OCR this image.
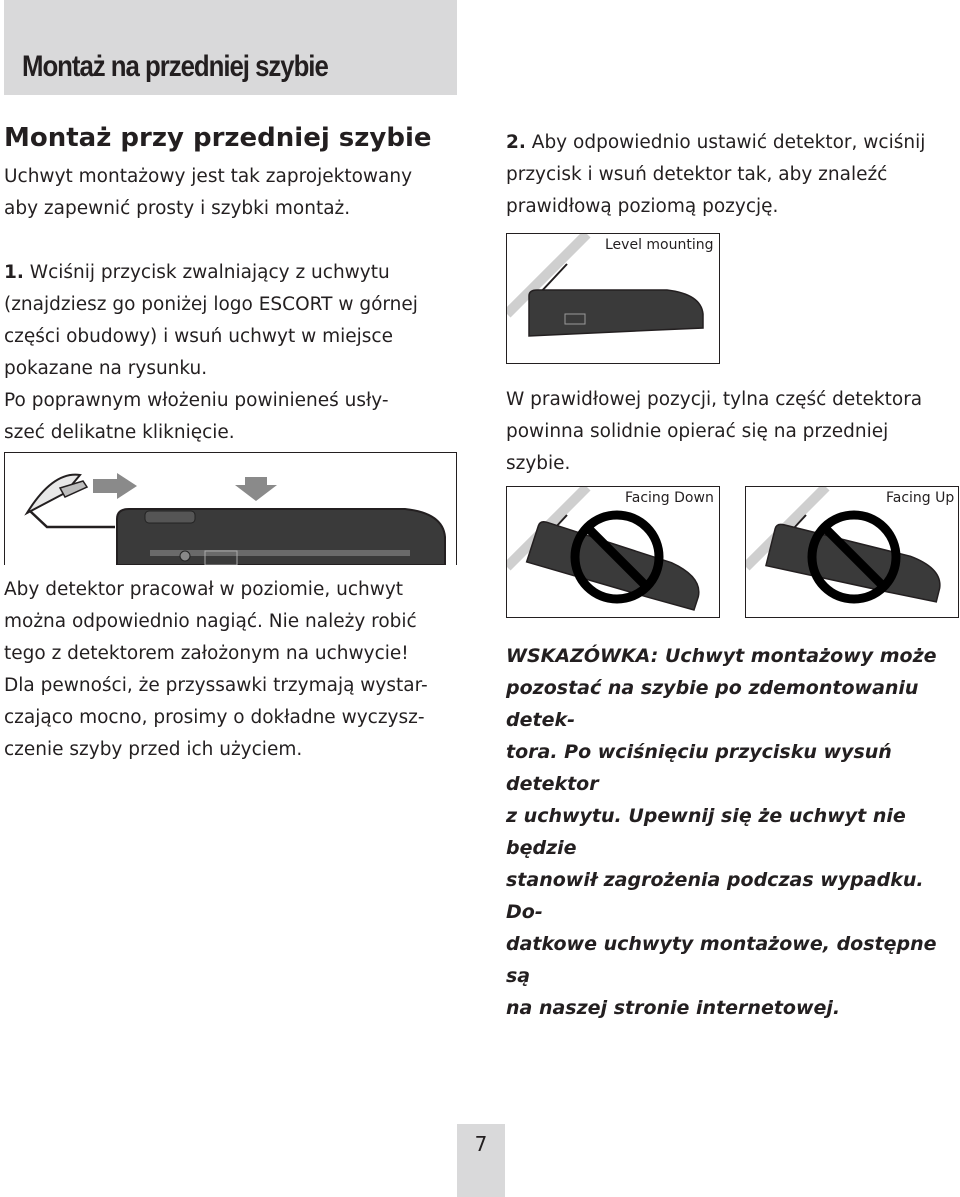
Montaż na przedniej szybie
Montaż przy przedniej szybie
Uchwyt montażowy jest tak zaprojektowany
aby zapewnić prosty i szybki montaż.
1. Wciśnij przycisk zwalniający z uchwytu
(znajdziesz go poniżej logo ESCORT w górnej
części obudowy) i wsuń uchwyt w miejsce
pokazane na rysunku.
Po poprawnym włożeniu powinieneś usły-
szeć delikatne kliknięcie.
Aby detektor pracował w poziomie, uchwyt
można odpowiednio nagiąć. Nie należy robić
tego z detektorem założonym na uchwycie!
Dla pewności, że przyssawki trzymają wystar-
czająco mocno, prosimy o dokładne wyczysz-
czenie szyby przed ich użyciem.
2. Aby odpowiednio ustawić detektor, wciśnij
przycisk i wsuń detektor tak, aby znaleźć
prawidłową poziomą pozycję.
Level mounting
W prawidłowej pozycji, tylna część detektora
powinna solidnie opierać się na przedniej
szybie.
Facing Down	Facing Up
WSKAZÓWKA: Uchwyt montażowy może
pozostać na szybie po zdemontowaniu detek-
tora. Po wciśnięciu przycisku wysuń detektor
z uchwytu. Upewnij się że uchwyt nie będzie
stanowił zagrożenia podczas wypadku. Do-
datkowe uchwyty montażowe, dostępne są
na naszej stronie internetowej.
7
